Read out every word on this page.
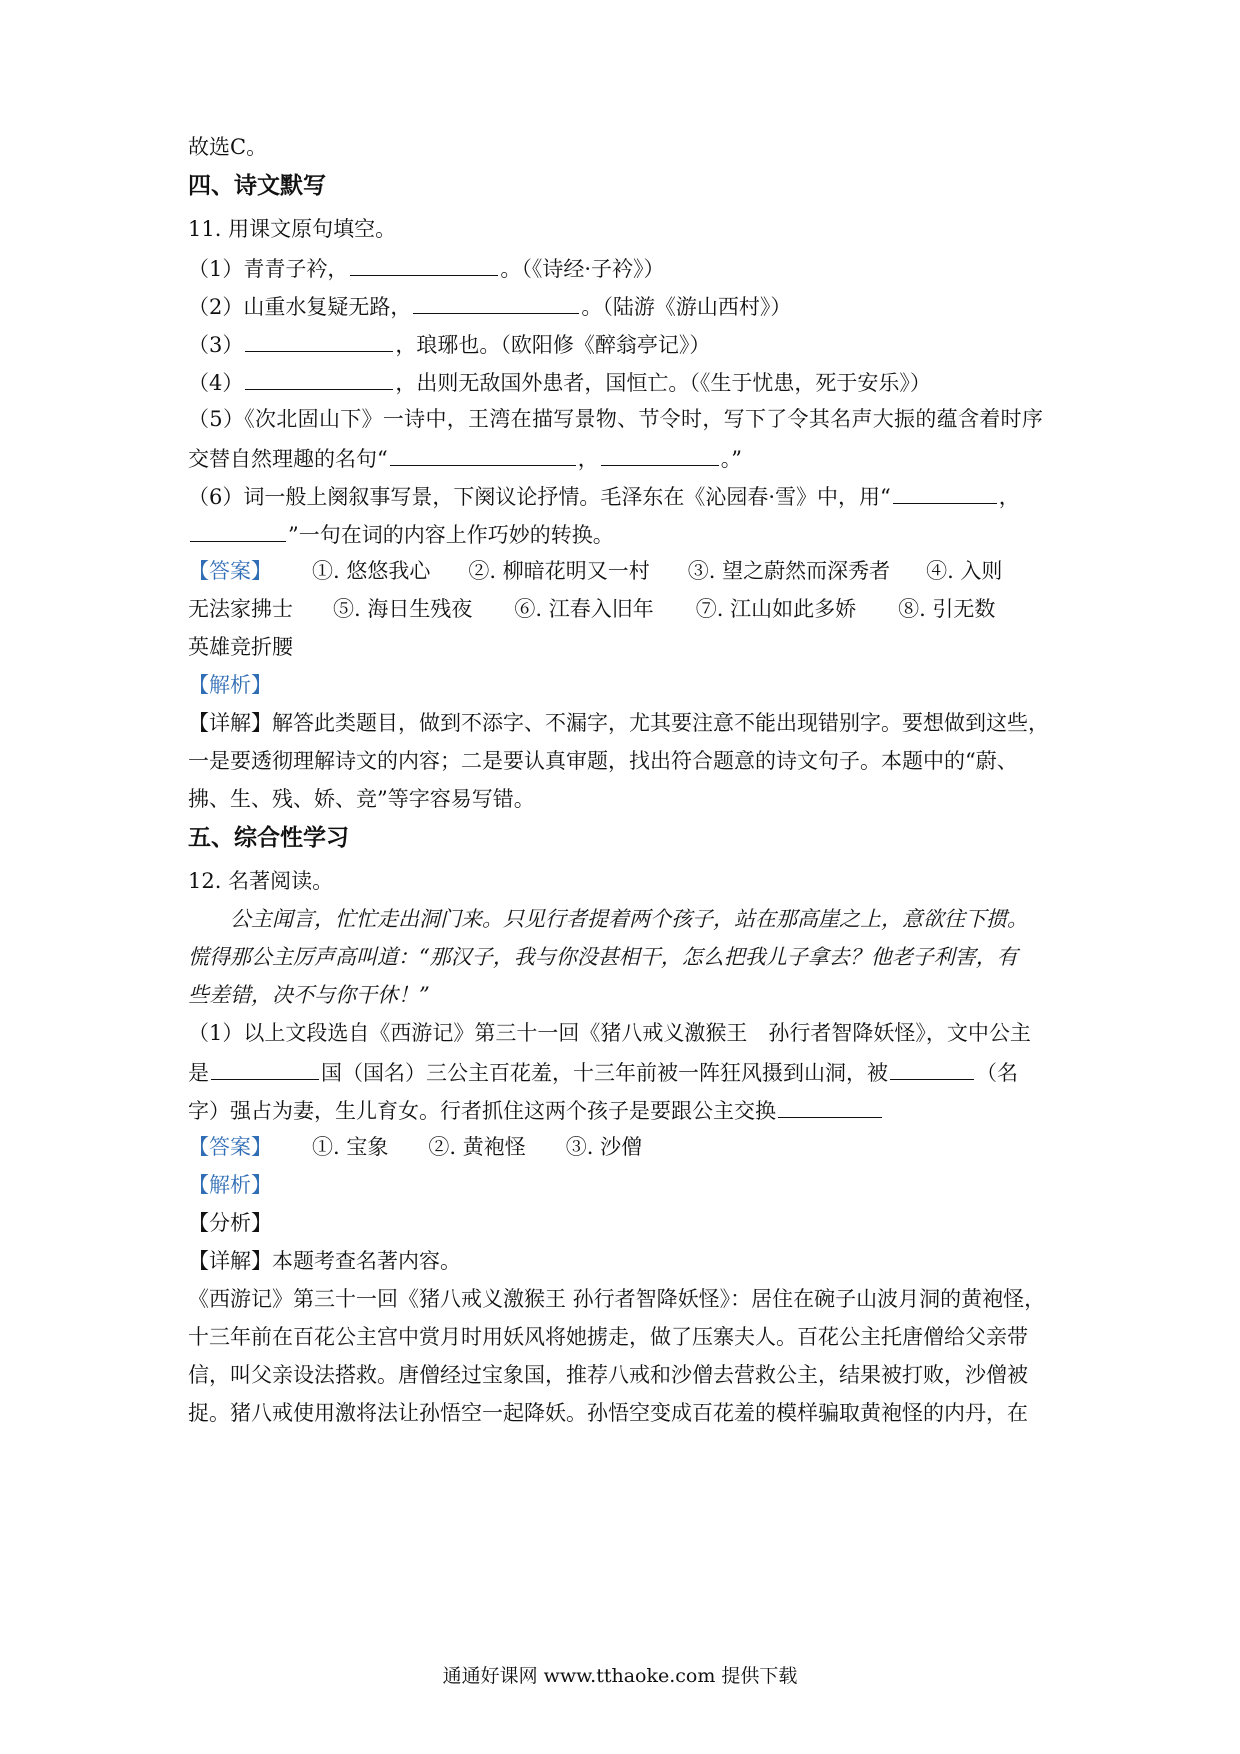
故选C。
四、诗文默写
11. 用课文原句填空。
（1）青青子衿，	。（《诗经·子衿》）
（2）山重水复疑无路，	。（陆游《游山西村》）
（3）	，琅琊也。（欧阳修《醉翁亭记》）
（4）	，出则无敌国外患者，国恒亡。（《生于忧患，死于安乐》）
（5）《次北固山下》一诗中，王湾在描写景物、节令时，写下了令其名声大振的蕴含着时序
交替自然理趣的名句“	，	。”
（6）词一般上阕叙事写景，下阕议论抒情。毛泽东在《沁园春·雪》中，用“	，
”一句在词的内容上作巧妙的转换。
【答案】 ①. 悠悠我心 ②. 柳暗花明又一村 ③. 望之蔚然而深秀者 ④. 入则
无法家拂士 ⑤. 海日生残夜 ⑥. 江春入旧年 ⑦. 江山如此多娇 ⑧. 引无数
英雄竞折腰
【解析】
【详解】解答此类题目，做到不添字、不漏字，尤其要注意不能出现错别字。要想做到这些，
一是要透彻理解诗文的内容；二是要认真审题，找出符合题意的诗文句子。本题中的“蔚、
拂、生、残、娇、竞”等字容易写错。
五、综合性学习
12. 名著阅读。
公主闻言，忙忙走出洞门来。只见行者提着两个孩子，站在那高崖之上，意欲往下掼。
慌得那公主厉声高叫道：“那汉子，我与你没甚相干，怎么把我儿子拿去？他老子利害，有
些差错，决不与你干休！”
（1）以上文段选自《西游记》第三十一回《猪八戒义激猴王　孙行者智降妖怪》，文中公主
是	国（国名）三公主百花羞，十三年前被一阵狂风摄到山洞，被	（名
字）强占为妻，生儿育女。行者抓住这两个孩子是要跟公主交换
【答案】 ①. 宝象 ②. 黄袍怪 ③. 沙僧
【解析】
【分析】
【详解】本题考查名著内容。
《西游记》第三十一回《猪八戒义激猴王 孙行者智降妖怪》：居住在碗子山波月洞的黄袍怪，
十三年前在百花公主宫中赏月时用妖风将她掳走，做了压寨夫人。百花公主托唐僧给父亲带
信，叫父亲设法搭救。唐僧经过宝象国，推荐八戒和沙僧去营救公主，结果被打败，沙僧被
捉。猪八戒使用激将法让孙悟空一起降妖。孙悟空变成百花羞的模样骗取黄袍怪的内丹，在
通通好课网 www.tthaoke.com 提供下载
